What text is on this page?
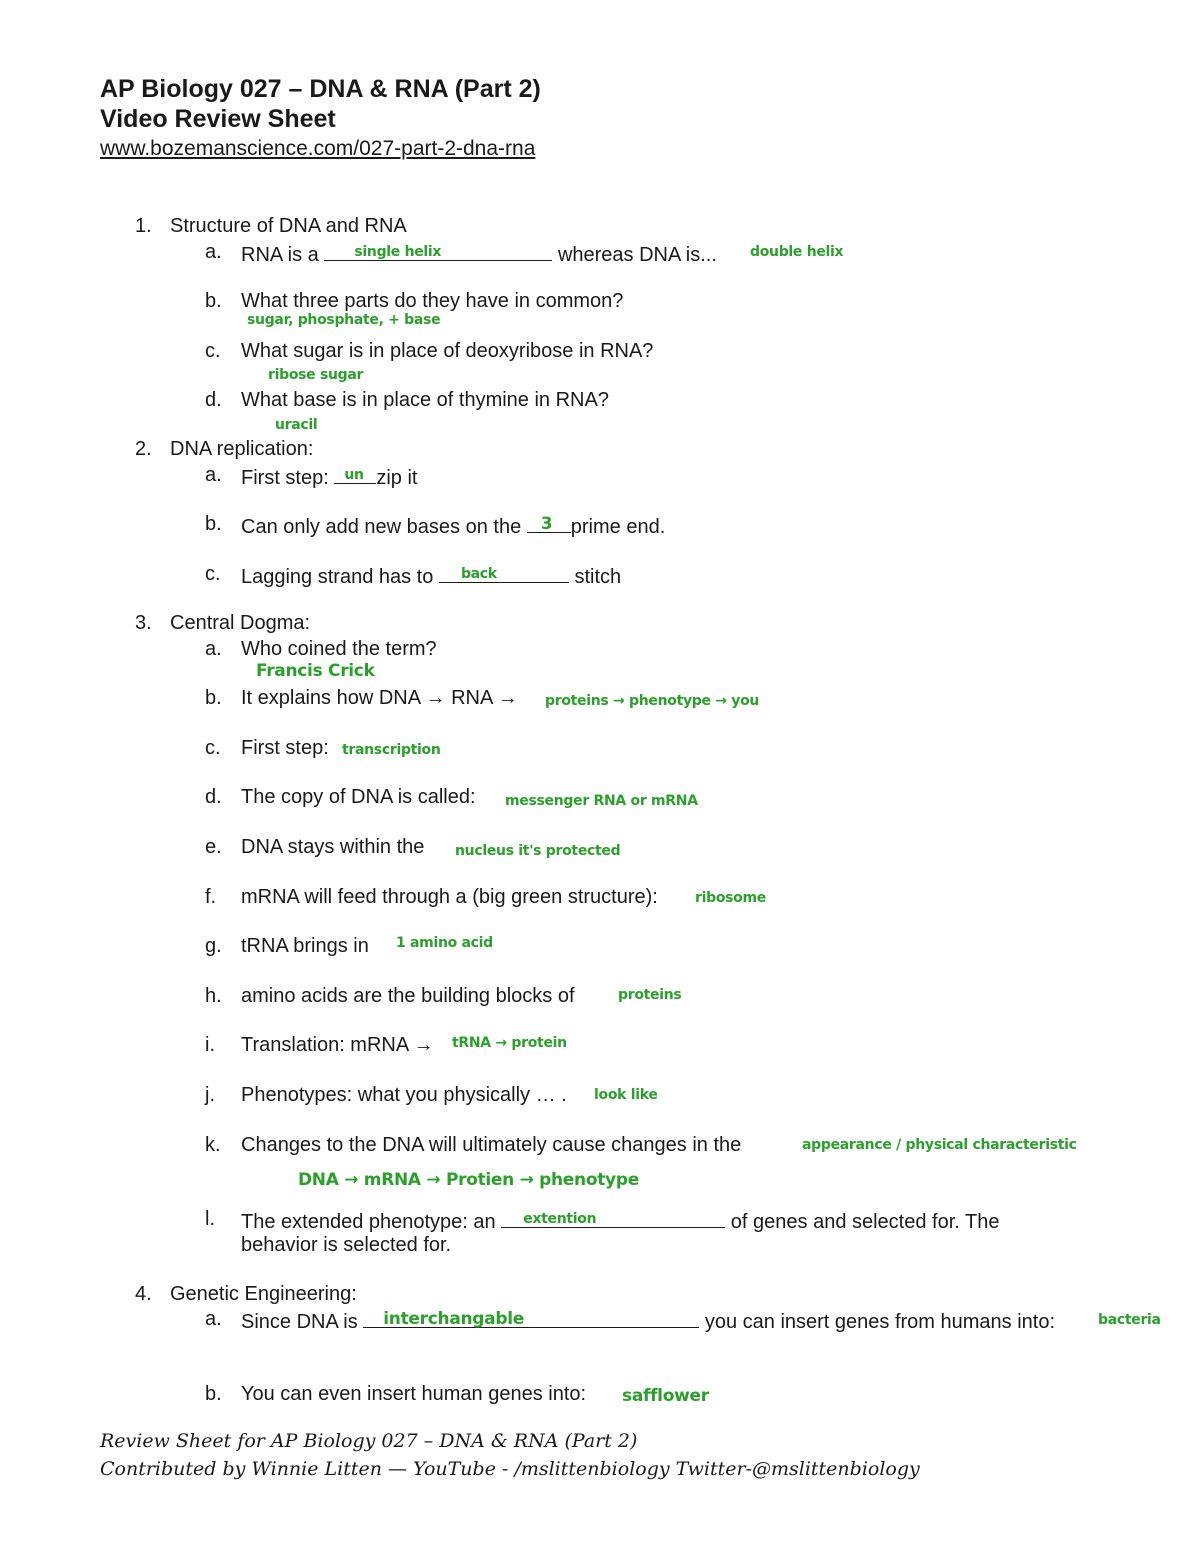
AP Biology 027 – DNA & RNA (Part 2)
Video Review Sheet
www.bozemanscience.com/027-part-2-dna-rna
1. Structure of DNA and RNA
a. RNA is a	single helix	whereas DNA is... double helix
b. What three parts do they have in common?
sugar, phosphate, + base
c. What sugar is in place of deoxyribose in RNA?
ribose sugar
d. What base is in place of thymine in RNA?
uracil
2. DNA replication:
a. First step: un zip it
b. Can only add new bases on the 3 prime end.
c. Lagging strand has to back	stitch
3. Central Dogma:
a. Who coined the term?
Francis Crick
b. It explains how DNA → RNA → proteins → phenotype → you
c. First step: transcription
d. The copy of DNA is called: messenger RNA or mRNA
e. DNA stays within the nucleus it's protected
f. mRNA will feed through a (big green structure):	ribosome
g. tRNA brings in 1 amino acid
h. amino acids are the building blocks of	proteins
i. Translation: mRNA → tRNA → protein
j. Phenotypes: what you physically … . look like
k. Changes to the DNA will ultimately cause changes in the	appearance / physical characteristic
DNA → mRNA → Protien → phenotype
l. The extended phenotype: an extention	of genes and selected for. The
behavior is selected for.
4. Genetic Engineering:
a. Since DNA is interchangable	you can insert genes from humans into:	bacteria
b. You can even insert human genes into: safflower
Review Sheet for AP Biology 027 – DNA & RNA (Part 2)
Contributed by Winnie Litten — YouTube - /mslittenbiology Twitter-@mslittenbiology
